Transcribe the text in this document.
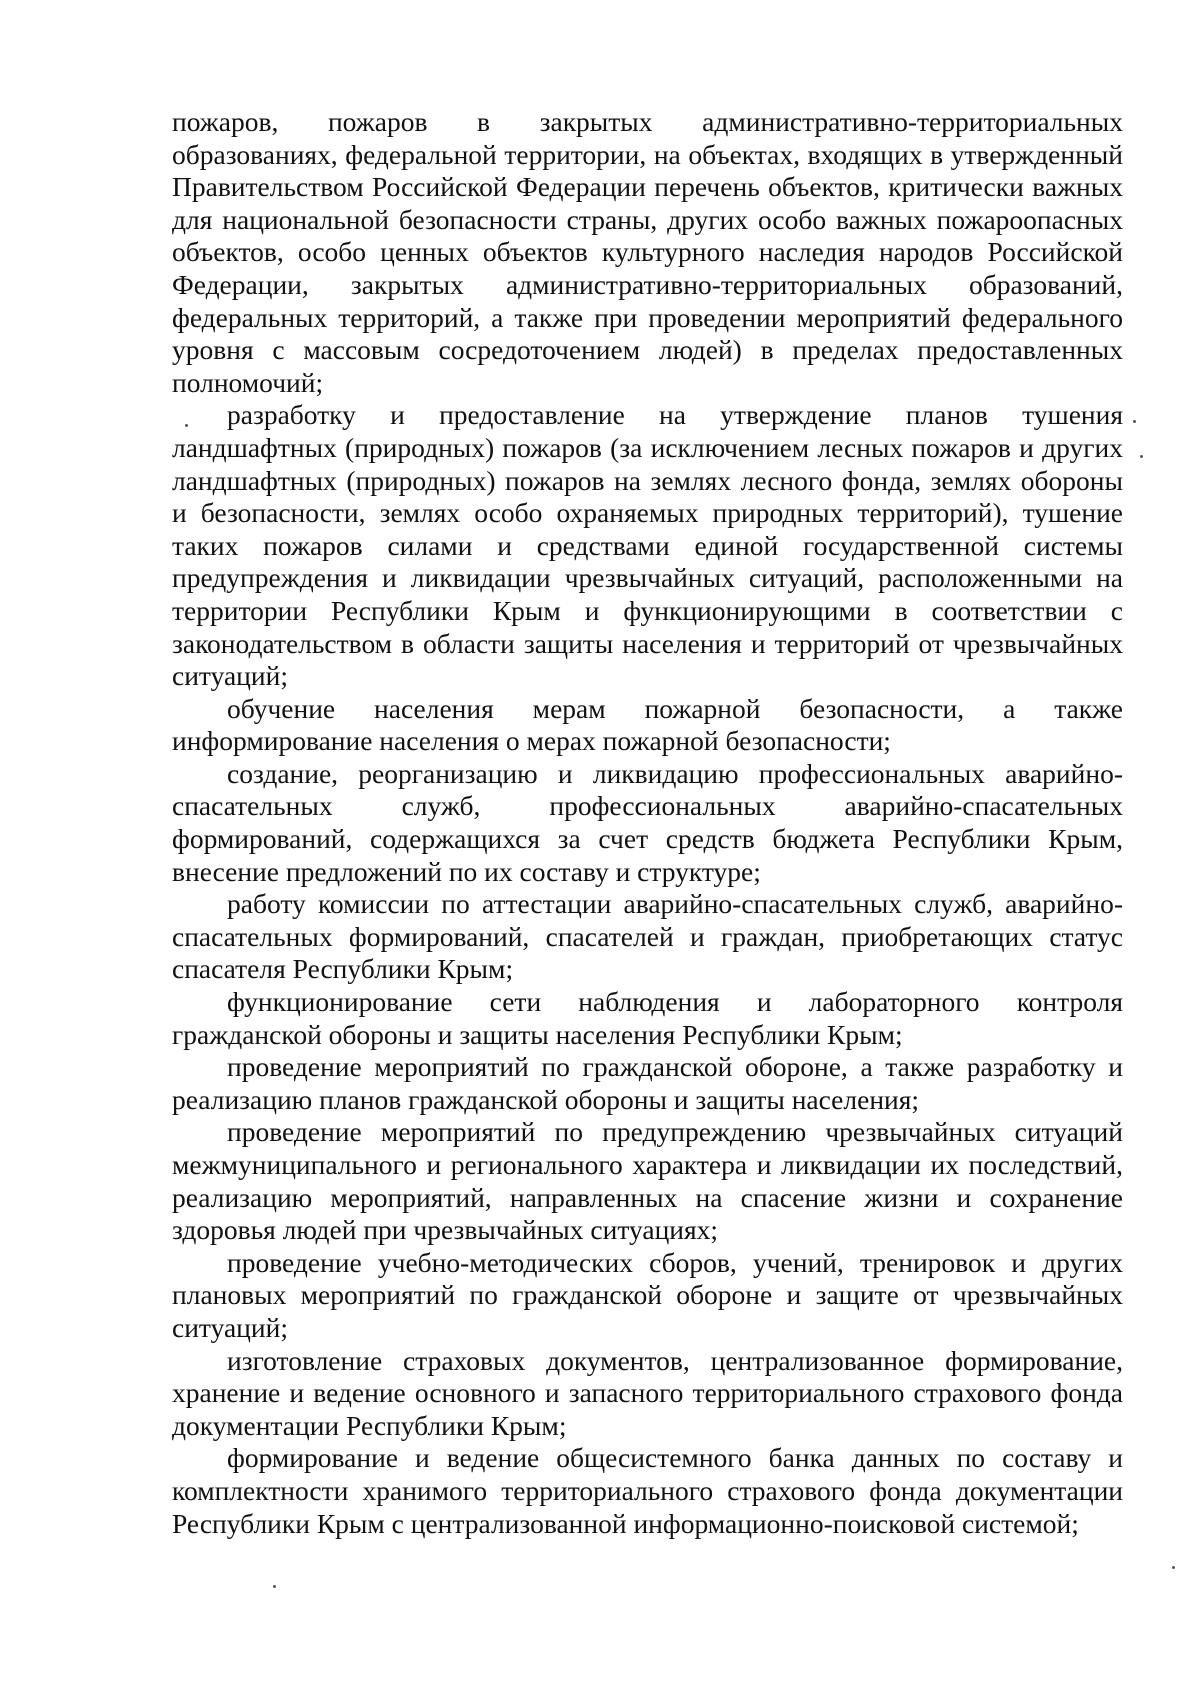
пожаров, пожаров в закрытых административно-территориальных образованиях, федеральной территории, на объектах, входящих в утвержденный Правительством Российской Федерации перечень объектов, критически важных для национальной безопасности страны, других особо важных пожароопасных объектов, особо ценных объектов культурного наследия народов Российской Федерации, закрытых административно-территориальных образований, федеральных территорий, а также при проведении мероприятий федерального уровня с массовым сосредоточением людей) в пределах предоставленных полномочий;

разработку и предоставление на утверждение планов тушения ландшафтных (природных) пожаров (за исключением лесных пожаров и других ландшафтных (природных) пожаров на землях лесного фонда, землях обороны и безопасности, землях особо охраняемых природных территорий), тушение таких пожаров силами и средствами единой государственной системы предупреждения и ликвидации чрезвычайных ситуаций, расположенными на территории Республики Крым и функционирующими в соответствии с законодательством в области защиты населения и территорий от чрезвычайных ситуаций;

обучение населения мерам пожарной безопасности, а также информирование населения о мерах пожарной безопасности;

создание, реорганизацию и ликвидацию профессиональных аварийно-спасательных служб, профессиональных аварийно-спасательных формирований, содержащихся за счет средств бюджета Республики Крым, внесение предложений по их составу и структуре;

работу комиссии по аттестации аварийно-спасательных служб, аварийно-спасательных формирований, спасателей и граждан, приобретающих статус спасателя Республики Крым;

функционирование сети наблюдения и лабораторного контроля гражданской обороны и защиты населения Республики Крым;

проведение мероприятий по гражданской обороне, а также разработку и реализацию планов гражданской обороны и защиты населения;

проведение мероприятий по предупреждению чрезвычайных ситуаций межмуниципального и регионального характера и ликвидации их последствий, реализацию мероприятий, направленных на спасение жизни и сохранение здоровья людей при чрезвычайных ситуациях;

проведение учебно-методических сборов, учений, тренировок и других плановых мероприятий по гражданской обороне и защите от чрезвычайных ситуаций;

изготовление страховых документов, централизованное формирование, хранение и ведение основного и запасного территориального страхового фонда документации Республики Крым;

формирование и ведение общесистемного банка данных по составу и комплектности хранимого территориального страхового фонда документации Республики Крым с централизованной информационно-поисковой системой;
